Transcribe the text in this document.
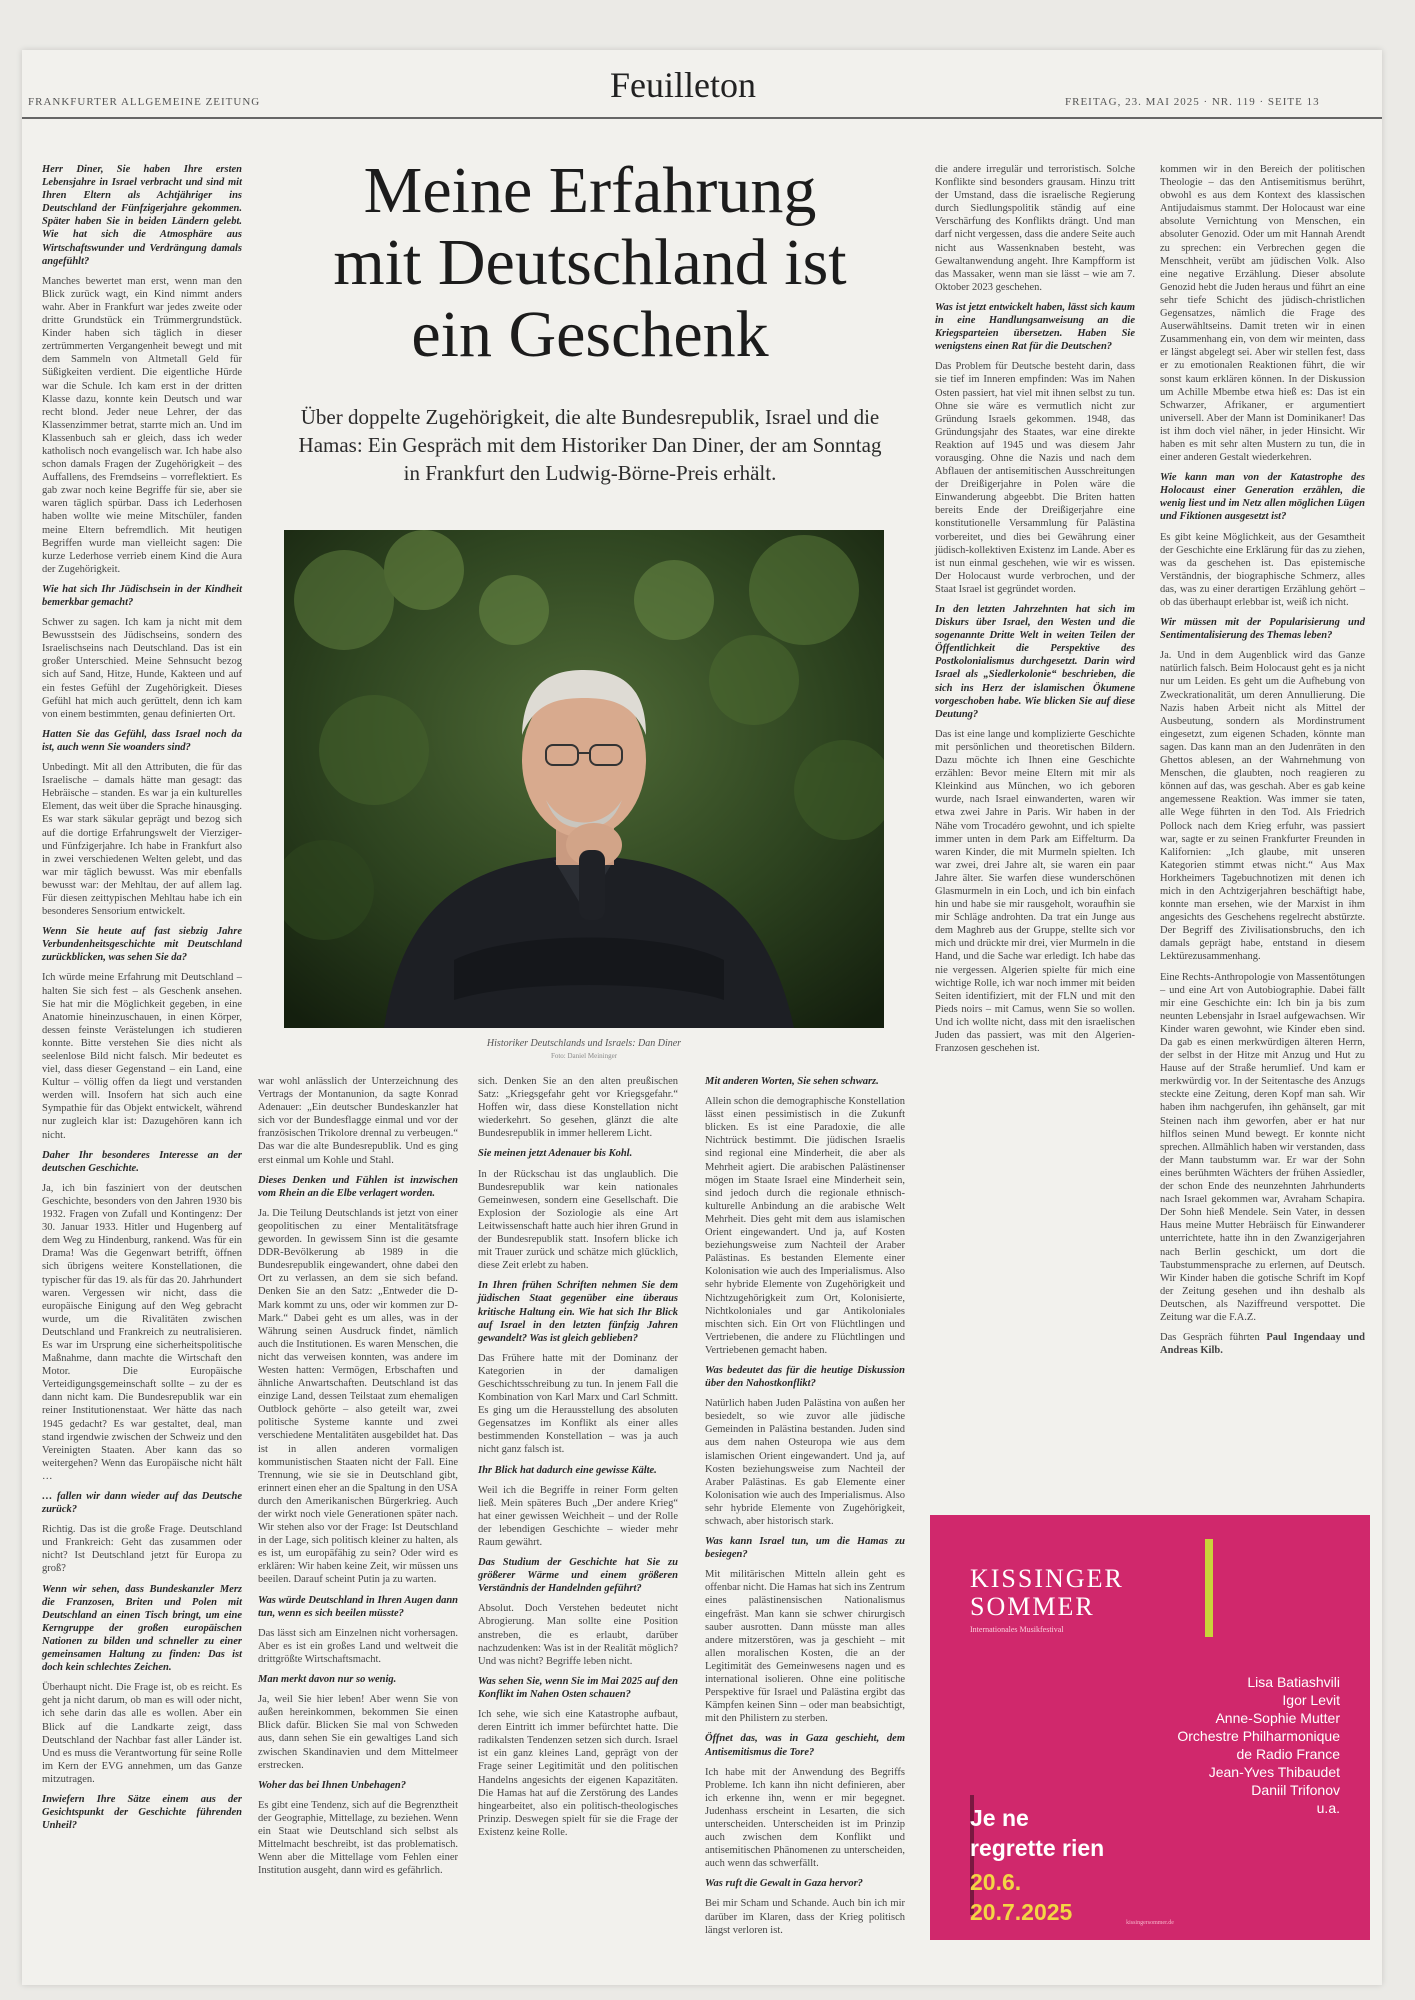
FRANKFURTER ALLGEMEINE ZEITUNG	Feuilleton	FREITAG, 23. MAI 2025 · NR. 119 · SEITE 13
Meine Erfahrung
mit Deutschland ist
ein Geschenk
Über doppelte Zugehörigkeit, die alte Bundesrepublik, Israel und die Hamas: Ein Gespräch mit dem Historiker Dan Diner, der am Sonntag in Frankfurt den Ludwig-Börne-Preis erhält.
Historiker Deutschlands und Israels: Dan Diner
Foto: Daniel Meininger

Herr Diner, Sie haben Ihre ersten Lebensjahre in Israel verbracht und sind mit Ihren Eltern als Achtjähriger ins Deutschland der Fünfzigerjahre gekommen. Später haben Sie in beiden Ländern gelebt. Wie hat sich die Atmosphäre aus Wirtschaftswunder und Verdrängung damals angefühlt?

Manches bewertet man erst, wenn man den Blick zurück wagt, ein Kind nimmt anders wahr. Aber in Frankfurt war jedes zweite oder dritte Grundstück ein Trümmergrundstück. Kinder haben sich täglich in dieser zertrümmerten Vergangenheit bewegt und mit dem Sammeln von Altmetall Geld für Süßigkeiten verdient. Die eigentliche Hürde war die Schule. Ich kam erst in der dritten Klasse dazu, konnte kein Deutsch und war recht blond. Jeder neue Lehrer, der das Klassenzimmer betrat, starrte mich an. Und im Klassenbuch sah er gleich, dass ich weder katholisch noch evangelisch war. Ich habe also schon damals Fragen der Zugehörigkeit – des Auffallens, des Fremdseins – vorreflektiert. Es gab zwar noch keine Begriffe für sie, aber sie waren täglich spürbar. Dass ich Lederhosen haben wollte wie meine Mitschüler, fanden meine Eltern befremdlich. Mit heutigen Begriffen wurde man vielleicht sagen: Die kurze Lederhose verrieb einem Kind die Aura der Zugehörigkeit.

Wie hat sich Ihr Jüdischsein in der Kindheit bemerkbar gemacht?

Schwer zu sagen. Ich kam ja nicht mit dem Bewusstsein des Jüdischseins, sondern des Israelischseins nach Deutschland. Das ist ein großer Unterschied. Meine Sehnsucht bezog sich auf Sand, Hitze, Hunde, Kakteen und auf ein festes Gefühl der Zugehörigkeit. Dieses Gefühl hat mich auch gerüttelt, denn ich kam von einem bestimmten, genau definierten Ort.

Hatten Sie das Gefühl, dass Israel noch da ist, auch wenn Sie woanders sind?

Unbedingt. Mit all den Attributen, die für das Israelische – damals hätte man gesagt: das Hebräische – standen. Es war ja ein kulturelles Element, das weit über die Sprache hinausging. Es war stark säkular geprägt und bezog sich auf die dortige Erfahrungswelt der Vierziger- und Fünfzigerjahre. Ich habe in Frankfurt also in zwei verschiedenen Welten gelebt, und das war mir täglich bewusst. Was mir ebenfalls bewusst war: der Mehltau, der auf allem lag. Für diesen zeittypischen Mehltau habe ich ein besonderes Sensorium entwickelt.

Wenn Sie heute auf fast siebzig Jahre Verbundenheitsgeschichte mit Deutschland zurückblicken, was sehen Sie da?

Ich würde meine Erfahrung mit Deutschland – halten Sie sich fest – als Geschenk ansehen. Sie hat mir die Möglichkeit gegeben, in eine Anatomie hineinzuschauen, in einen Körper, dessen feinste Verästelungen ich studieren konnte. Bitte verstehen Sie dies nicht als seelenlose Bild nicht falsch. Mir bedeutet es viel, dass dieser Gegenstand – ein Land, eine Kultur – völlig offen da liegt und verstanden werden will. Insofern hat sich auch eine Sympathie für das Objekt entwickelt, während nur zugleich klar ist: Dazugehören kann ich nicht.

Daher Ihr besonderes Interesse an der deutschen Geschichte.

Ja, ich bin fasziniert von der deutschen Geschichte, besonders von den Jahren 1930 bis 1932. Fragen von Zufall und Kontingenz: Der 30. Januar 1933. Hitler und Hugenberg auf dem Weg zu Hindenburg, rankend. Was für ein Drama! Was die Gegenwart betrifft, öffnen sich übrigens weitere Konstellationen, die typischer für das 19. als für das 20. Jahrhundert waren. Vergessen wir nicht, dass die europäische Einigung auf den Weg gebracht wurde, um die Rivalitäten zwischen Deutschland und Frankreich zu neutralisieren. Es war im Ursprung eine sicherheitspolitische Maßnahme, dann machte die Wirtschaft den Motor. Die Europäische Verteidigungsgemeinschaft sollte – zu der es dann nicht kam. Die Bundesrepublik war ein reiner Institutionenstaat. Wer hätte das nach 1945 gedacht? Es war gestaltet, deal, man stand irgendwie zwischen der Schweiz und den Vereinigten Staaten. Aber kann das so weitergehen? Wenn das Europäische nicht hält …

… fallen wir dann wieder auf das Deutsche zurück?

Richtig. Das ist die große Frage. Deutschland und Frankreich: Geht das zusammen oder nicht? Ist Deutschland jetzt für Europa zu groß?

Wenn wir sehen, dass Bundeskanzler Merz die Franzosen, Briten und Polen mit Deutschland an einen Tisch bringt, um eine Kerngruppe der großen europäischen Nationen zu bilden und schneller zu einer gemeinsamen Haltung zu finden: Das ist doch kein schlechtes Zeichen.

Überhaupt nicht. Die Frage ist, ob es reicht. Es geht ja nicht darum, ob man es will oder nicht, ich sehe darin das alle es wollen. Aber ein Blick auf die Landkarte zeigt, dass Deutschland der Nachbar fast aller Länder ist. Und es muss die Verantwortung für seine Rolle im Kern der EVG annehmen, um das Ganze mitzutragen.

Inwiefern Ihre Sätze einem aus der Gesichtspunkt der Geschichte führenden Unheil?

war wohl anlässlich der Unterzeichnung des Vertrags der Montanunion, da sagte Konrad Adenauer: „Ein deutscher Bundeskanzler hat sich vor der Bundesflagge einmal und vor der französischen Trikolore drennal zu verbeugen.“ Das war die alte Bundesrepublik. Und es ging erst einmal um Kohle und Stahl.

Dieses Denken und Fühlen ist inzwischen vom Rhein an die Elbe verlagert worden.

Ja. Die Teilung Deutschlands ist jetzt von einer geopolitischen zu einer Mentalitätsfrage geworden. In gewissem Sinn ist die gesamte DDR-Bevölkerung ab 1989 in die Bundesrepublik eingewandert, ohne dabei den Ort zu verlassen, an dem sie sich befand. Denken Sie an den Satz: „Entweder die D-Mark kommt zu uns, oder wir kommen zur D-Mark.“ Dabei geht es um alles, was in der Währung seinen Ausdruck findet, nämlich auch die Institutionen. Es waren Menschen, die nicht das verweisen konnten, was andere im Westen hatten: Vermögen, Erbschaften und ähnliche Anwartschaften. Deutschland ist das einzige Land, dessen Teilstaat zum ehemaligen Outblock gehörte – also geteilt war, zwei politische Systeme kannte und zwei verschiedene Mentalitäten ausgebildet hat. Das ist in allen anderen vormaligen kommunistischen Staaten nicht der Fall. Eine Trennung, wie sie sie in Deutschland gibt, erinnert einen eher an die Spaltung in den USA durch den Amerikanischen Bürgerkrieg. Auch der wirkt noch viele Generationen später nach. Wir stehen also vor der Frage: Ist Deutschland in der Lage, sich politisch kleiner zu halten, als es ist, um europäfähig zu sein? Oder wird es erklären: Wir haben keine Zeit, wir müssen uns beeilen. Darauf scheint Putin ja zu warten.

Was würde Deutschland in Ihren Augen dann tun, wenn es sich beeilen müsste?

Das lässt sich am Einzelnen nicht vorhersagen. Aber es ist ein großes Land und weltweit die drittgrößte Wirtschaftsmacht.

Man merkt davon nur so wenig.

Ja, weil Sie hier leben! Aber wenn Sie von außen hereinkommen, bekommen Sie einen Blick dafür. Blicken Sie mal von Schweden aus, dann sehen Sie ein gewaltiges Land sich zwischen Skandinavien und dem Mittelmeer erstrecken.

Woher das bei Ihnen Unbehagen?

Es gibt eine Tendenz, sich auf die Begrenztheit der Geographie, Mittellage, zu beziehen. Wenn ein Staat wie Deutschland sich selbst als Mittelmacht beschreibt, ist das problematisch. Wenn aber die Mittellage vom Fehlen einer Institution ausgeht, dann wird es gefährlich.

sich. Denken Sie an den alten preußischen Satz: „Kriegsgefahr geht vor Kriegsgefahr.“ Hoffen wir, dass diese Konstellation nicht wiederkehrt. So gesehen, glänzt die alte Bundesrepublik in immer hellerem Licht.

Sie meinen jetzt Adenauer bis Kohl.

In der Rückschau ist das unglaublich. Die Bundesrepublik war kein nationales Gemeinwesen, sondern eine Gesellschaft. Die Explosion der Soziologie als eine Art Leitwissenschaft hatte auch hier ihren Grund in der Bundesrepublik statt. Insofern blicke ich mit Trauer zurück und schätze mich glücklich, diese Zeit erlebt zu haben.

In Ihren frühen Schriften nehmen Sie dem jüdischen Staat gegenüber eine überaus kritische Haltung ein. Wie hat sich Ihr Blick auf Israel in den letzten fünfzig Jahren gewandelt? Was ist gleich geblieben?

Das Frühere hatte mit der Dominanz der Kategorien in der damaligen Geschichtsschreibung zu tun. In jenem Fall die Kombination von Karl Marx und Carl Schmitt. Es ging um die Herausstellung des absoluten Gegensatzes im Konflikt als einer alles bestimmenden Konstellation – was ja auch nicht ganz falsch ist.

Ihr Blick hat dadurch eine gewisse Kälte.

Weil ich die Begriffe in reiner Form gelten ließ. Mein späteres Buch „Der andere Krieg“ hat einer gewissen Weichheit – und der Rolle der lebendigen Geschichte – wieder mehr Raum gewährt.

Das Studium der Geschichte hat Sie zu größerer Wärme und einem größeren Verständnis der Handelnden geführt?

Absolut. Doch Verstehen bedeutet nicht Abrogierung. Man sollte eine Position anstreben, die es erlaubt, darüber nachzudenken: Was ist in der Realität möglich? Und was nicht? Begriffe leben nicht.

Was sehen Sie, wenn Sie im Mai 2025 auf den Konflikt im Nahen Osten schauen?

Ich sehe, wie sich eine Katastrophe aufbaut, deren Eintritt ich immer befürchtet hatte. Die radikalsten Tendenzen setzen sich durch. Israel ist ein ganz kleines Land, geprägt von der Frage seiner Legitimität und den politischen Handelns angesichts der eigenen Kapazitäten. Die Hamas hat auf die Zerstörung des Landes hingearbeitet, also ein politisch-theologisches Prinzip. Deswegen spielt für sie die Frage der Existenz keine Rolle.

Mit anderen Worten, Sie sehen schwarz.

Allein schon die demographische Konstellation lässt einen pessimistisch in die Zukunft blicken. Es ist eine Paradoxie, die alle Nichtrück bestimmt. Die jüdischen Israelis sind regional eine Minderheit, die aber als Mehrheit agiert. Die arabischen Palästinenser mögen im Staate Israel eine Minderheit sein, sind jedoch durch die regionale ethnisch-kulturelle Anbindung an die arabische Welt Mehrheit. Dies geht mit dem aus islamischen Orient eingewandert. Und ja, auf Kosten beziehungsweise zum Nachteil der Araber Palästinas. Es bestanden Elemente einer Kolonisation wie auch des Imperialismus. Also sehr hybride Elemente von Zugehörigkeit und Nichtzugehörigkeit zum Ort, Kolonisierte, Nichtkoloniales und gar Antikoloniales mischten sich. Ein Ort von Flüchtlingen und Vertriebenen, die andere zu Flüchtlingen und Vertriebenen gemacht haben.

Was bedeutet das für die heutige Diskussion über den Nahostkonflikt?

Natürlich haben Juden Palästina von außen her besiedelt, so wie zuvor alle jüdische Gemeinden in Palästina bestanden. Juden sind aus dem nahen Osteuropa wie aus dem islamischen Orient eingewandert. Und ja, auf Kosten beziehungsweise zum Nachteil der Araber Palästinas. Es gab Elemente einer Kolonisation wie auch des Imperialismus. Also sehr hybride Elemente von Zugehörigkeit, schwach, aber historisch stark.

Was kann Israel tun, um die Hamas zu besiegen?

Mit militärischen Mitteln allein geht es offenbar nicht. Die Hamas hat sich ins Zentrum eines palästinensischen Nationalismus eingefräst. Man kann sie schwer chirurgisch sauber ausrotten. Dann müsste man alles andere mitzerstören, was ja geschieht – mit allen moralischen Kosten, die an der Legitimität des Gemeinwesens nagen und es international isolieren. Ohne eine politische Perspektive für Israel und Palästina ergibt das Kämpfen keinen Sinn – oder man beabsichtigt, mit den Philistern zu sterben.

Öffnet das, was in Gaza geschieht, dem Antisemitismus die Tore?

Ich habe mit der Anwendung des Begriffs Probleme. Ich kann ihn nicht definieren, aber ich erkenne ihn, wenn er mir begegnet. Judenhass erscheint in Lesarten, die sich unterscheiden. Unterscheiden ist im Prinzip auch zwischen dem Konflikt und antisemitischen Phänomenen zu unterscheiden, auch wenn das schwerfällt.

Was ruft die Gewalt in Gaza hervor?

Bei mir Scham und Schande. Auch bin ich mir darüber im Klaren, dass der Krieg politisch längst verloren ist.

die andere irregulär und terroristisch. Solche Konflikte sind besonders grausam. Hinzu tritt der Umstand, dass die israelische Regierung durch Siedlungspolitik ständig auf eine Verschärfung des Konflikts drängt. Und man darf nicht vergessen, dass die andere Seite auch nicht aus Wassenknaben besteht, was Gewaltanwendung angeht. Ihre Kampfform ist das Massaker, wenn man sie lässt – wie am 7. Oktober 2023 geschehen.

Was ist jetzt entwickelt haben, lässt sich kaum in eine Handlungsanweisung an die Kriegsparteien übersetzen. Haben Sie wenigstens einen Rat für die Deutschen?

Das Problem für Deutsche besteht darin, dass sie tief im Inneren empfinden: Was im Nahen Osten passiert, hat viel mit ihnen selbst zu tun. Ohne sie wäre es vermutlich nicht zur Gründung Israels gekommen. 1948, das Gründungsjahr des Staates, war eine direkte Reaktion auf 1945 und was diesem Jahr vorausging. Ohne die Nazis und nach dem Abflauen der antisemitischen Ausschreitungen der Dreißigerjahre in Polen wäre die Einwanderung abgeebbt. Die Briten hatten bereits Ende der Dreißigerjahre eine konstitutionelle Versammlung für Palästina vorbereitet, und dies bei Gewährung einer jüdisch-kollektiven Existenz im Lande. Aber es ist nun einmal geschehen, wie wir es wissen. Der Holocaust wurde verbrochen, und der Staat Israel ist gegründet worden.

In den letzten Jahrzehnten hat sich im Diskurs über Israel, den Westen und die sogenannte Dritte Welt in weiten Teilen der Öffentlichkeit die Perspektive des Postkolonialismus durchgesetzt. Darin wird Israel als „Siedlerkolonie“ beschrieben, die sich ins Herz der islamischen Ökumene vorgeschoben habe. Wie blicken Sie auf diese Deutung?

Das ist eine lange und komplizierte Geschichte mit persönlichen und theoretischen Bildern. Dazu möchte ich Ihnen eine Geschichte erzählen: Bevor meine Eltern mit mir als Kleinkind aus München, wo ich geboren wurde, nach Israel einwanderten, waren wir etwa zwei Jahre in Paris. Wir haben in der Nähe vom Trocadéro gewohnt, und ich spielte immer unten in dem Park am Eiffelturm. Da waren Kinder, die mit Murmeln spielten. Ich war zwei, drei Jahre alt, sie waren ein paar Jahre älter. Sie warfen diese wunderschönen Glasmurmeln in ein Loch, und ich bin einfach hin und habe sie mir rausgeholt, woraufhin sie mir Schläge androhten. Da trat ein Junge aus dem Maghreb aus der Gruppe, stellte sich vor mich und drückte mir drei, vier Murmeln in die Hand, und die Sache war erledigt. Ich habe das nie vergessen. Algerien spielte für mich eine wichtige Rolle, ich war noch immer mit beiden Seiten identifiziert, mit der FLN und mit den Pieds noirs – mit Camus, wenn Sie so wollen. Und ich wollte nicht, dass mit den israelischen Juden das passiert, was mit den Algerien-Franzosen geschehen ist.

kommen wir in den Bereich der politischen Theologie – das den Antisemitismus berührt, obwohl es aus dem Kontext des klassischen Antijudaismus stammt. Der Holocaust war eine absolute Vernichtung von Menschen, ein absoluter Genozid. Oder um mit Hannah Arendt zu sprechen: ein Verbrechen gegen die Menschheit, verübt am jüdischen Volk. Also eine negative Erzählung. Dieser absolute Genozid hebt die Juden heraus und führt an eine sehr tiefe Schicht des jüdisch-christlichen Gegensatzes, nämlich die Frage des Auserwähltseins. Damit treten wir in einen Zusammenhang ein, von dem wir meinten, dass er längst abgelegt sei. Aber wir stellen fest, dass er zu emotionalen Reaktionen führt, die wir sonst kaum erklären können. In der Diskussion um Achille Mbembe etwa hieß es: Das ist ein Schwarzer, Afrikaner, er argumentiert universell. Aber der Mann ist Dominikaner! Das ist ihm doch viel näher, in jeder Hinsicht. Wir haben es mit sehr alten Mustern zu tun, die in einer anderen Gestalt wiederkehren.

Wie kann man von der Katastrophe des Holocaust einer Generation erzählen, die wenig liest und im Netz allen möglichen Lügen und Fiktionen ausgesetzt ist?

Es gibt keine Möglichkeit, aus der Gesamtheit der Geschichte eine Erklärung für das zu ziehen, was da geschehen ist. Das epistemische Verständnis, der biographische Schmerz, alles das, was zu einer derartigen Erzählung gehört – ob das überhaupt erlebbar ist, weiß ich nicht.

Wir müssen mit der Popularisierung und Sentimentalisierung des Themas leben?

Ja. Und in dem Augenblick wird das Ganze natürlich falsch. Beim Holocaust geht es ja nicht nur um Leiden. Es geht um die Aufhebung von Zweckrationalität, um deren Annullierung. Die Nazis haben Arbeit nicht als Mittel der Ausbeutung, sondern als Mordinstrument eingesetzt, zum eigenen Schaden, könnte man sagen. Das kann man an den Judenräten in den Ghettos ablesen, an der Wahrnehmung von Menschen, die glaubten, noch reagieren zu können auf das, was geschah. Aber es gab keine angemessene Reaktion. Was immer sie taten, alle Wege führten in den Tod. Als Friedrich Pollock nach dem Krieg erfuhr, was passiert war, sagte er zu seinen Frankfurter Freunden in Kalifornien: „Ich glaube, mit unseren Kategorien stimmt etwas nicht.“ Aus Max Horkheimers Tagebuchnotizen mit denen ich mich in den Achtzigerjahren beschäftigt habe, konnte man ersehen, wie der Marxist in ihm angesichts des Geschehens regelrecht abstürzte. Der Begriff des Zivilisationsbruchs, den ich damals geprägt habe, entstand in diesem Lektürezusammenhang.

Eine Rechts-Anthropologie von Massentötungen – und eine Art von Autobiographie. Dabei fällt mir eine Geschichte ein: Ich bin ja bis zum neunten Lebensjahr in Israel aufgewachsen. Wir Kinder waren gewohnt, wie Kinder eben sind. Da gab es einen merkwürdigen älteren Herrn, der selbst in der Hitze mit Anzug und Hut zu Hause auf der Straße herumlief. Und kam er merkwürdig vor. In der Seitentasche des Anzugs steckte eine Zeitung, deren Kopf man sah. Wir haben ihm nachgerufen, ihn gehänselt, gar mit Steinen nach ihm geworfen, aber er hat nur hilflos seinen Mund bewegt. Er konnte nicht sprechen. Allmählich haben wir verstanden, dass der Mann taubstumm war. Er war der Sohn eines berühmten Wächters der frühen Assiedler, der schon Ende des neunzehnten Jahrhunderts nach Israel gekommen war, Avraham Schapira. Der Sohn hieß Mendele. Sein Vater, in dessen Haus meine Mutter Hebräisch für Einwanderer unterrichtete, hatte ihn in den Zwanzigerjahren nach Berlin geschickt, um dort die Taubstummensprache zu erlernen, auf Deutsch. Wir Kinder haben die gotische Schrift im Kopf der Zeitung gesehen und ihn deshalb als Deutschen, als Naziffreund verspottet. Die Zeitung war die F.A.Z.

Das Gespräch führten Paul Ingendaay und Andreas Kilb.

KISSINGER
SOMMER
Internationales Musikfestival
Lisa Batiashvili
Igor Levit
Anne-Sophie Mutter
Orchestre Philharmonique
de Radio France
Jean-Yves Thibaudet
Daniil Trifonov
u.a.
Je ne
regrette rien
20.6.
20.7.2025	kissingersommer.de
